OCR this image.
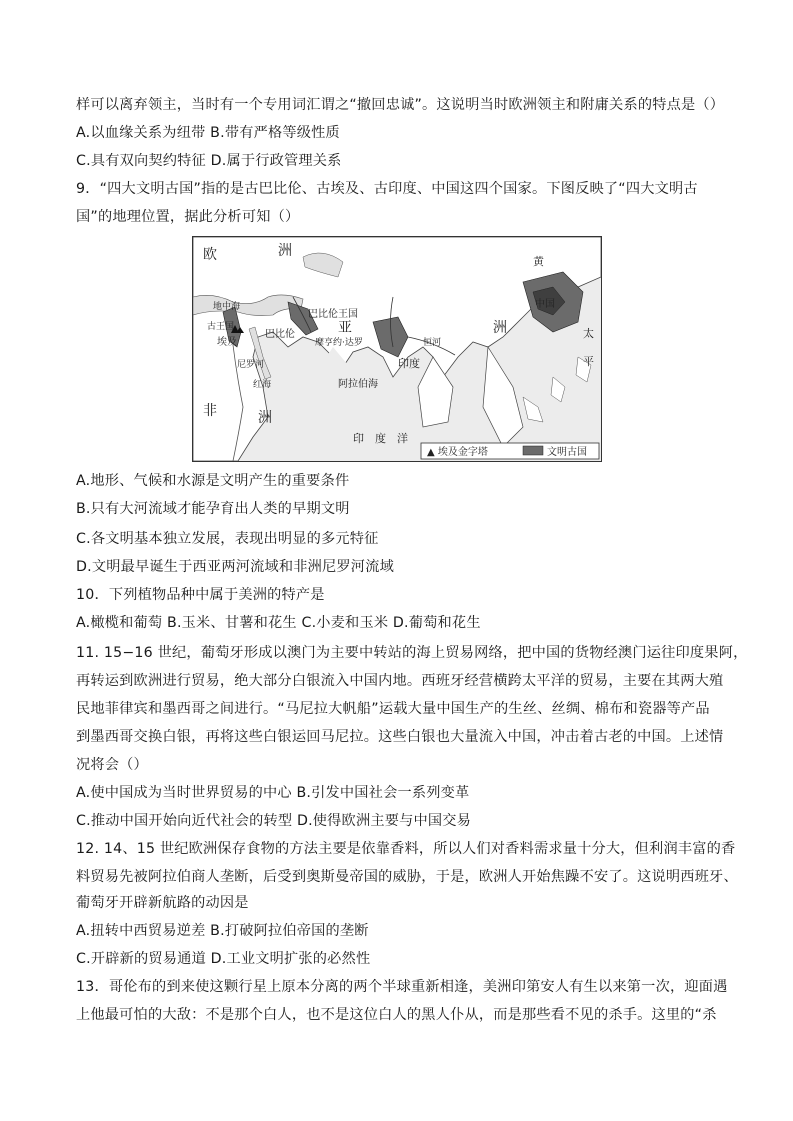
样可以离弃领主，当时有一个专用词汇谓之“撤回忠诚”。这说明当时欧洲领主和附庸关系的特点是（）
A.以血缘关系为纽带 B.带有严格等级性质
C.具有双向契约特征 D.属于行政管理关系
9．“四大文明古国”指的是古巴比伦、古埃及、古印度、中国这四个国家。下图反映了“四大文明古
国”的地理位置，据此分析可知（）
欧	洲
亚	洲
非	洲
巴比伦王国
巴比伦
摩亨约·达罗
印度
埃及
阿拉伯海
印　度　洋
中国
黄
太
平
尼罗河
恒河
古王国
红海
地中海
▲ 埃及金字塔	文明古国
A.地形、气候和水源是文明产生的重要条件
B.只有大河流域才能孕育出人类的早期文明
C.各文明基本独立发展，表现出明显的多元特征
D.文明最早诞生于西亚两河流域和非洲尼罗河流域
10．下列植物品种中属于美洲的特产是
A.橄榄和葡萄 B.玉米、甘薯和花生 C.小麦和玉米 D.葡萄和花生
11. 15−16 世纪，葡萄牙形成以澳门为主要中转站的海上贸易网络，把中国的货物经澳门运往印度果阿，
再转运到欧洲进行贸易，绝大部分白银流入中国内地。西班牙经营横跨太平洋的贸易，主要在其两大殖
民地菲律宾和墨西哥之间进行。“马尼拉大帆船”运载大量中国生产的生丝、丝绸、棉布和瓷器等产品
到墨西哥交换白银，再将这些白银运回马尼拉。这些白银也大量流入中国，冲击着古老的中国。上述情
况将会（）
A.使中国成为当时世界贸易的中心 B.引发中国社会一系列变革
C.推动中国开始向近代社会的转型 D.使得欧洲主要与中国交易
12. 14、15 世纪欧洲保存食物的方法主要是依靠香料，所以人们对香料需求量十分大，但利润丰富的香
料贸易先被阿拉伯商人垄断，后受到奥斯曼帝国的威胁，于是，欧洲人开始焦躁不安了。这说明西班牙、
葡萄牙开辟新航路的动因是
A.扭转中西贸易逆差 B.打破阿拉伯帝国的垄断
C.开辟新的贸易通道 D.工业文明扩张的必然性
13．哥伦布的到来使这颗行星上原本分离的两个半球重新相逢，美洲印第安人有生以来第一次，迎面遇
上他最可怕的大敌：不是那个白人，也不是这位白人的黑人仆从，而是那些看不见的杀手。这里的“杀
